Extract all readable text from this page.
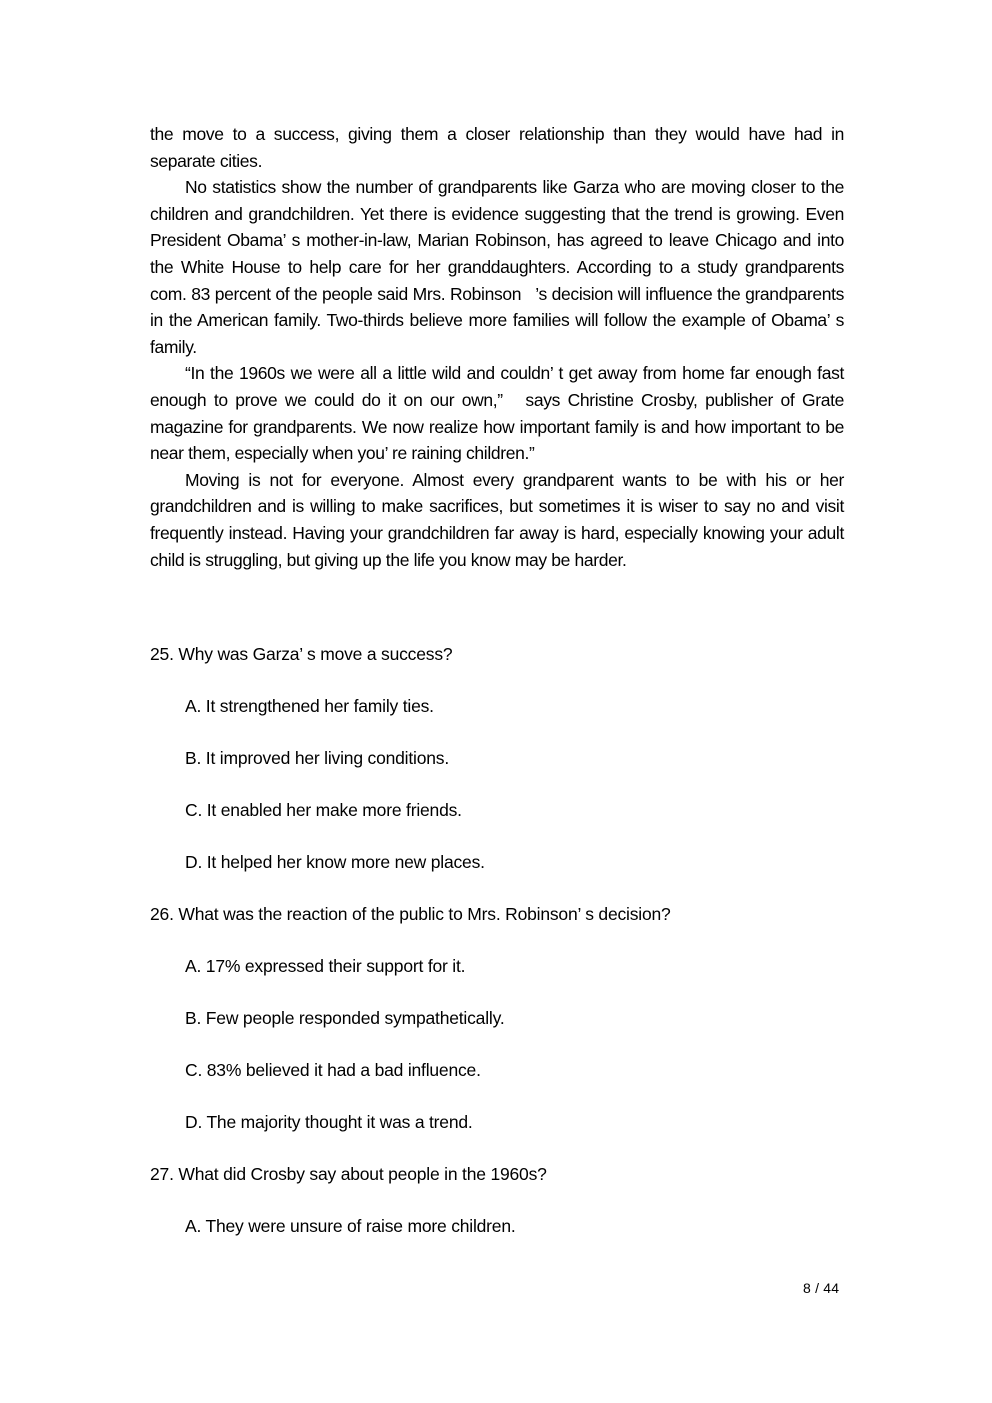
the move to a success, giving them a closer relationship than they would have had in separate cities.

No statistics show the number of grandparents like Garza who are moving closer to the children and grandchildren. Yet there is evidence suggesting that the trend is growing. Even President Obama’ s mother-in-law, Marian Robinson, has agreed to leave Chicago and into the White House to help care for her granddaughters. According to a study grandparents com. 83 percent of the people said Mrs. Robinson   ’s decision will influence the grandparents in the American family. Two-thirds believe more families will follow the example of Obama’ s family.

“In the 1960s we were all a little wild and couldn’ t get away from home far enough fast enough to prove we could do it on our own,”   says Christine Crosby, publisher of Grate magazine for grandparents. We now realize how important family is and how important to be near them, especially when you’ re raining children.”

Moving is not for everyone. Almost every grandparent wants to be with his or her grandchildren and is willing to make sacrifices, but sometimes it is wiser to say no and visit frequently instead. Having your grandchildren far away is hard, especially knowing your adult child is struggling, but giving up the life you know may be harder.

25. Why was Garza’ s move a success?
A. It strengthened her family ties.
B. It improved her living conditions.
C. It enabled her make more friends.
D. It helped her know more new places.
26. What was the reaction of the public to Mrs. Robinson’ s decision?
A. 17% expressed their support for it.
B. Few people responded sympathetically.
C. 83% believed it had a bad influence.
D. The majority thought it was a trend.
27. What did Crosby say about people in the 1960s?
A. They were unsure of raise more children.
8 / 44
